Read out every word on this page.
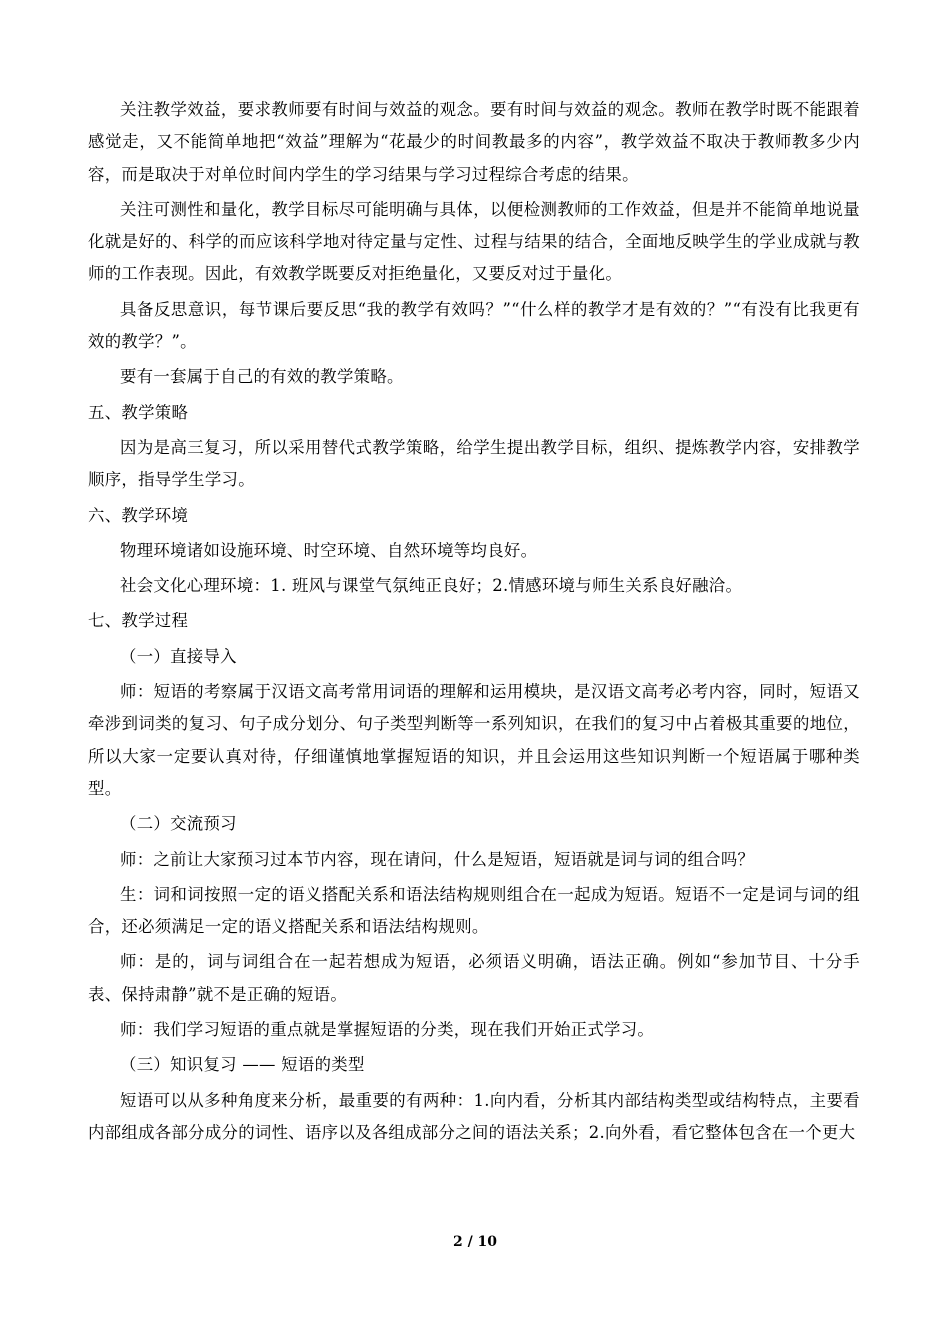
关注教学效益，要求教师要有时间与效益的观念。要有时间与效益的观念。教师在教学时既不能跟着感觉走，又不能简单地把“效益”理解为“花最少的时间教最多的内容”，教学效益不取决于教师教多少内容，而是取决于对单位时间内学生的学习结果与学习过程综合考虑的结果。

关注可测性和量化，教学目标尽可能明确与具体，以便检测教师的工作效益，但是并不能简单地说量化就是好的、科学的而应该科学地对待定量与定性、过程与结果的结合，全面地反映学生的学业成就与教师的工作表现。因此，有效教学既要反对拒绝量化，又要反对过于量化。

具备反思意识，每节课后要反思“我的教学有效吗？”“什么样的教学才是有效的？”“有没有比我更有效的教学？”。

要有一套属于自己的有效的教学策略。

五、教学策略

因为是高三复习，所以采用替代式教学策略，给学生提出教学目标，组织、提炼教学内容，安排教学顺序，指导学生学习。

六、教学环境

物理环境诸如设施环境、时空环境、自然环境等均良好。

社会文化心理环境：1. 班风与课堂气氛纯正良好；2.情感环境与师生关系良好融洽。

七、教学过程

（一）直接导入

师：短语的考察属于汉语文高考常用词语的理解和运用模块，是汉语文高考必考内容，同时，短语又牵涉到词类的复习、句子成分划分、句子类型判断等一系列知识，在我们的复习中占着极其重要的地位，所以大家一定要认真对待，仔细谨慎地掌握短语的知识，并且会运用这些知识判断一个短语属于哪种类型。

（二）交流预习

师：之前让大家预习过本节内容，现在请问，什么是短语，短语就是词与词的组合吗？

生：词和词按照一定的语义搭配关系和语法结构规则组合在一起成为短语。短语不一定是词与词的组合，还必须满足一定的语义搭配关系和语法结构规则。

师：是的，词与词组合在一起若想成为短语，必须语义明确，语法正确。例如“参加节目、十分手表、保持肃静”就不是正确的短语。

师：我们学习短语的重点就是掌握短语的分类，现在我们开始正式学习。

（三）知识复习 —— 短语的类型

短语可以从多种角度来分析，最重要的有两种：1.向内看，分析其内部结构类型或结构特点，主要看内部组成各部分成分的词性、语序以及各组成部分之间的语法关系；2.向外看，看它整体包含在一个更大

2 / 10
